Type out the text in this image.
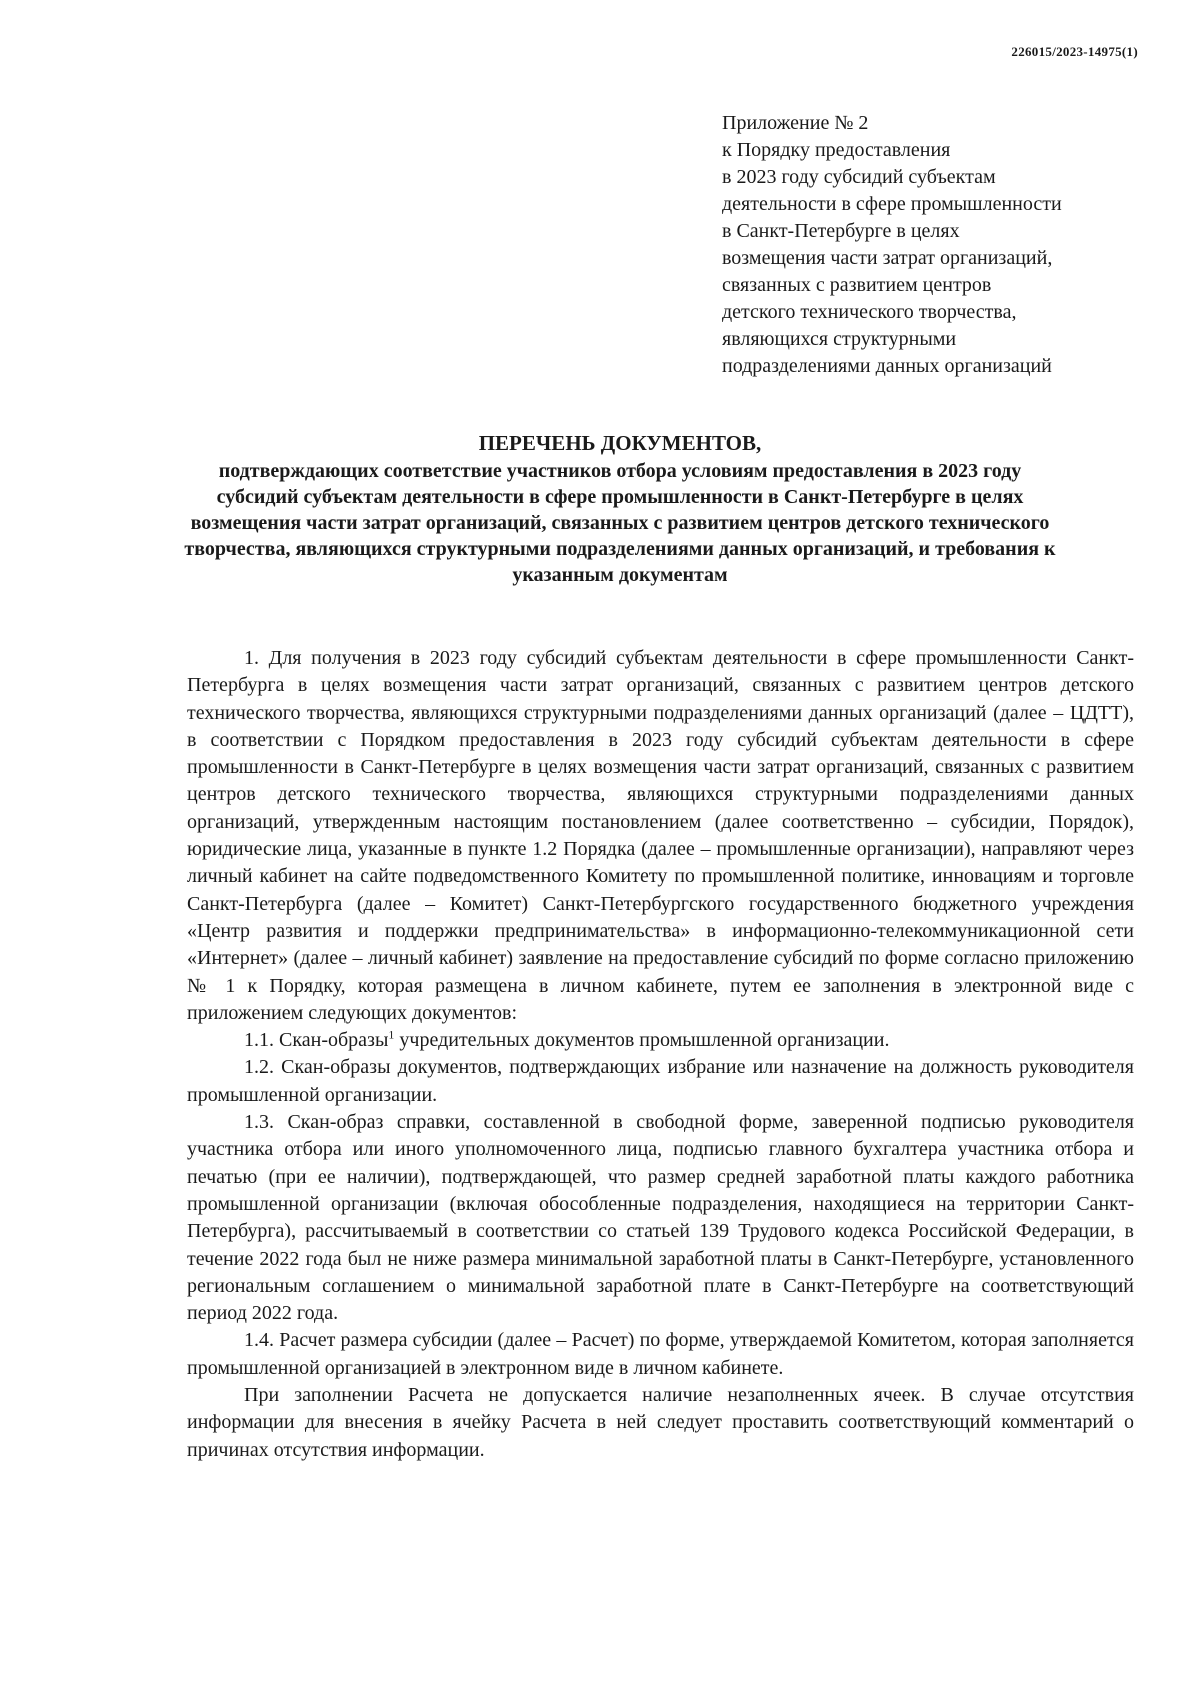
226015/2023-14975(1)
Приложение № 2
к Порядку предоставления
в 2023 году субсидий субъектам
деятельности в сфере промышленности
в Санкт-Петербурге в целях
возмещения части затрат организаций,
связанных с развитием центров
детского технического творчества,
являющихся структурными
подразделениями данных организаций
ПЕРЕЧЕНЬ ДОКУМЕНТОВ,
подтверждающих соответствие участников отбора условиям предоставления в 2023 году субсидий субъектам деятельности в сфере промышленности в Санкт-Петербурге в целях возмещения части затрат организаций, связанных с развитием центров детского технического творчества, являющихся структурными подразделениями данных организаций, и требования к указанным документам

1. Для получения в 2023 году субсидий субъектам деятельности в сфере промышленности Санкт-Петербурга в целях возмещения части затрат организаций, связанных с развитием центров детского технического творчества, являющихся структурными подразделениями данных организаций (далее – ЦДТТ), в соответствии с Порядком предоставления в 2023 году субсидий субъектам деятельности в сфере промышленности в Санкт-Петербурге в целях возмещения части затрат организаций, связанных с развитием центров детского технического творчества, являющихся структурными подразделениями данных организаций, утвержденным настоящим постановлением (далее соответственно – субсидии, Порядок), юридические лица, указанные в пункте 1.2 Порядка (далее – промышленные организации), направляют через личный кабинет на сайте подведомственного Комитету по промышленной политике, инновациям и торговле Санкт-Петербурга (далее – Комитет) Санкт-Петербургского государственного бюджетного учреждения «Центр развития и поддержки предпринимательства» в информационно-телекоммуникационной сети «Интернет» (далее – личный кабинет) заявление на предоставление субсидий по форме согласно приложению № 1 к Порядку, которая размещена в личном кабинете, путем ее заполнения в электронной виде с приложением следующих документов:

1.1. Скан-образы$^1$ учредительных документов промышленной организации.

1.2. Скан-образы документов, подтверждающих избрание или назначение на должность руководителя промышленной организации.

1.3. Скан-образ справки, составленной в свободной форме, заверенной подписью руководителя участника отбора или иного уполномоченного лица, подписью главного бухгалтера участника отбора и печатью (при ее наличии), подтверждающей, что размер средней заработной платы каждого работника промышленной организации (включая обособленные подразделения, находящиеся на территории Санкт-Петербурга), рассчитываемый в соответствии со статьей 139 Трудового кодекса Российской Федерации, в течение 2022 года был не ниже размера минимальной заработной платы в Санкт-Петербурге, установленного региональным соглашением о минимальной заработной плате в Санкт-Петербурге на соответствующий период 2022 года.

1.4. Расчет размера субсидии (далее – Расчет) по форме, утверждаемой Комитетом, которая заполняется промышленной организацией в электронном виде в личном кабинете.

При заполнении Расчета не допускается наличие незаполненных ячеек. В случае отсутствия информации для внесения в ячейку Расчета в ней следует проставить соответствующий комментарий о причинах отсутствия информации.
